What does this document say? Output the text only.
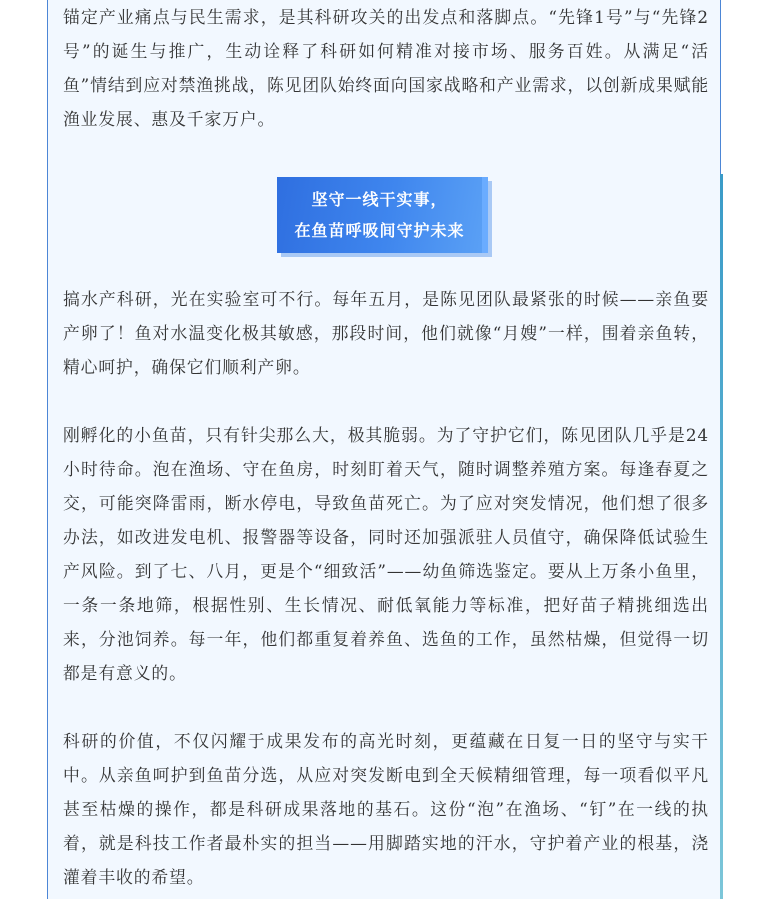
锚定产业痛点与民生需求，是其科研攻关的出发点和落脚点。“先锋1号”与“先锋2号”的诞生与推广，生动诠释了科研如何精准对接市场、服务百姓。从满足“活鱼”情结到应对禁渔挑战，陈见团队始终面向国家战略和产业需求，以创新成果赋能渔业发展、惠及千家万户。

坚守一线干实事，
在鱼苗呼吸间守护未来

搞水产科研，光在实验室可不行。每年五月，是陈见团队最紧张的时候——亲鱼要产卵了！鱼对水温变化极其敏感，那段时间，他们就像“月嫂”一样，围着亲鱼转，精心呵护，确保它们顺利产卵。

刚孵化的小鱼苗，只有针尖那么大，极其脆弱。为了守护它们，陈见团队几乎是24小时待命。泡在渔场、守在鱼房，时刻盯着天气，随时调整养殖方案。每逢春夏之交，可能突降雷雨，断水停电，导致鱼苗死亡。为了应对突发情况，他们想了很多办法，如改进发电机、报警器等设备，同时还加强派驻人员值守，确保降低试验生产风险。到了七、八月，更是个“细致活”——幼鱼筛选鉴定。要从上万条小鱼里，一条一条地筛，根据性别、生长情况、耐低氧能力等标准，把好苗子精挑细选出来，分池饲养。每一年，他们都重复着养鱼、选鱼的工作，虽然枯燥，但觉得一切都是有意义的。

科研的价值，不仅闪耀于成果发布的高光时刻，更蕴藏在日复一日的坚守与实干中。从亲鱼呵护到鱼苗分选，从应对突发断电到全天候精细管理，每一项看似平凡甚至枯燥的操作，都是科研成果落地的基石。这份“泡”在渔场、“钉”在一线的执着，就是科技工作者最朴实的担当——用脚踏实地的汗水，守护着产业的根基，浇灌着丰收的希望。
